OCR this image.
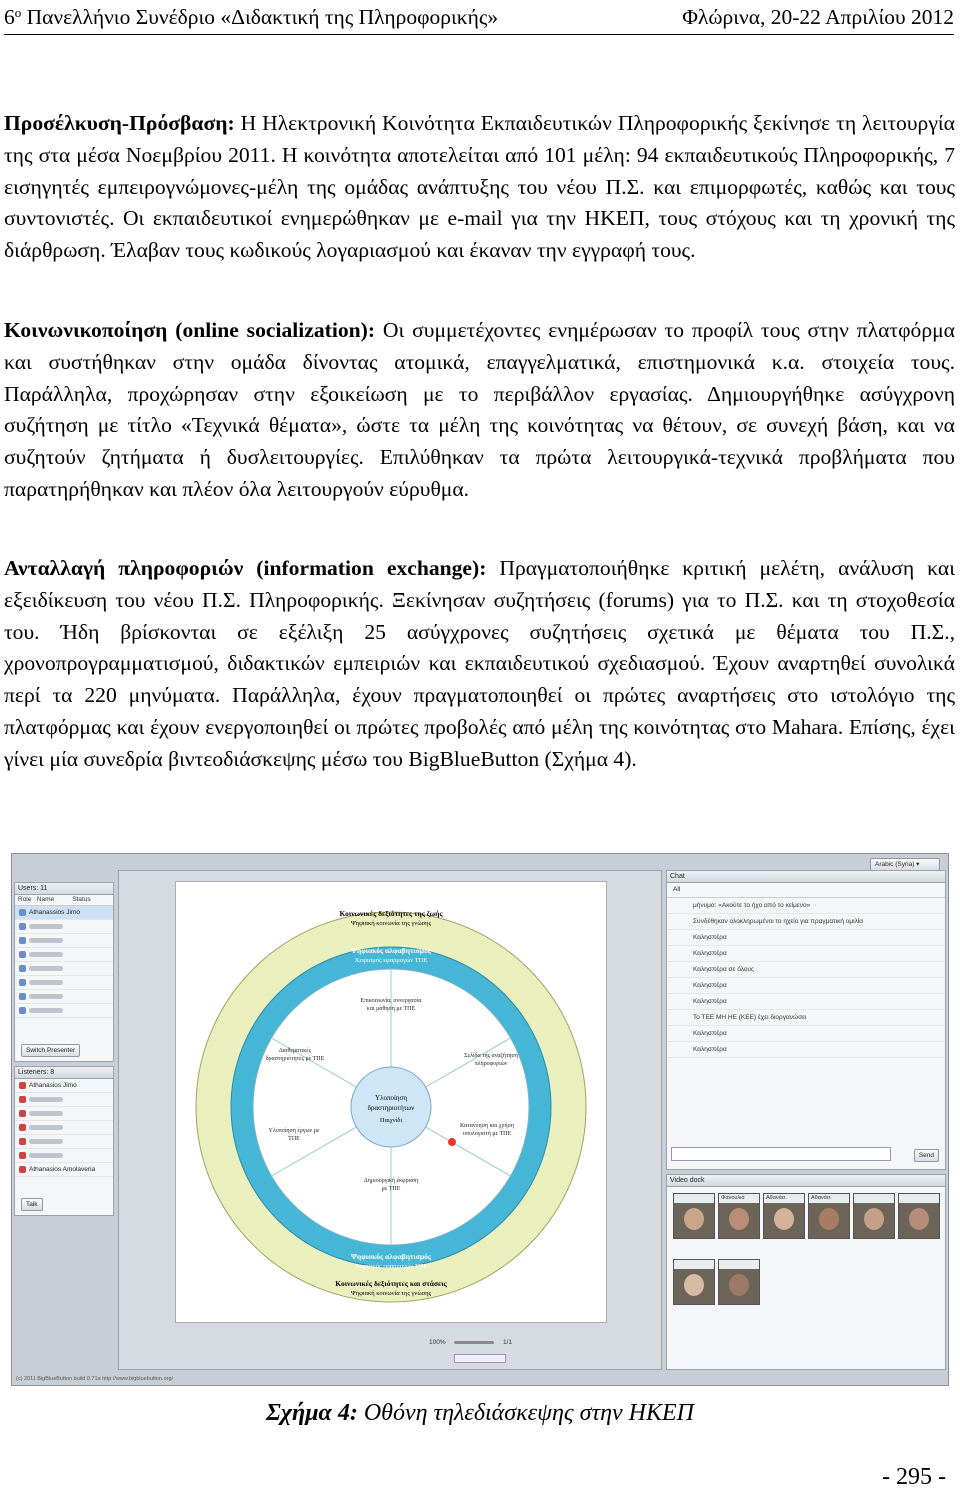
$6^o$ Πανελλήνιο Συνέδριο «Διδακτική της Πληροφορικής»	Φλώρινα, 20-22 Απριλίου 2012

Προσέλκυση-Πρόσβαση: Η Ηλεκτρονική Κοινότητα Εκπαιδευτικών Πληροφορικής ξεκίνησε τη λειτουργία της στα μέσα Νοεμβρίου 2011. Η κοινότητα αποτελείται από 101 μέλη: 94 εκπαιδευτικούς Πληροφορικής, 7 εισηγητές εμπειρογνώμονες-μέλη της ομάδας ανάπτυξης του νέου Π.Σ. και επιμορφωτές, καθώς και τους συντονιστές. Οι εκπαιδευτικοί ενημερώθηκαν με e-mail για την ΗΚΕΠ, τους στόχους και τη χρονική της διάρθρωση. Έλαβαν τους κωδικούς λογαριασμού και έκαναν την εγγραφή τους.

Κοινωνικοποίηση (online socialization): Οι συμμετέχοντες ενημέρωσαν το προφίλ τους στην πλατφόρμα και συστήθηκαν στην ομάδα δίνοντας ατομικά, επαγγελματικά, επιστημονικά κ.α. στοιχεία τους. Παράλληλα, προχώρησαν στην εξοικείωση με το περιβάλλον εργασίας. Δημιουργήθηκε ασύγχρονη συζήτηση με τίτλο «Τεχνικά θέματα», ώστε τα μέλη της κοινότητας να θέτουν, σε συνεχή βάση, και να συζητούν ζητήματα ή δυσλειτουργίες. Επιλύθηκαν τα πρώτα λειτουργικά-τεχνικά προβλήματα που παρατηρήθηκαν και πλέον όλα λειτουργούν εύρυθμα.

Ανταλλαγή πληροφοριών (information exchange): Πραγματοποιήθηκε κριτική μελέτη, ανάλυση και εξειδίκευση του νέου Π.Σ. Πληροφορικής. Ξεκίνησαν συζητήσεις (forums) για το Π.Σ. και τη στοχοθεσία του. Ήδη βρίσκονται σε εξέλιξη 25 ασύγχρονες συζητήσεις σχετικά με θέματα του Π.Σ., χρονοπρογραμματισμού, διδακτικών εμπειριών και εκπαιδευτικού σχεδιασμού. Έχουν αναρτηθεί συνολικά περί τα 220 μηνύματα. Παράλληλα, έχουν πραγματοποιηθεί οι πρώτες αναρτήσεις στο ιστολόγιο της πλατφόρμας και έχουν ενεργοποιηθεί οι πρώτες προβολές από μέλη της κοινότητας στο Mahara. Επίσης, έχει γίνει μία συνεδρία βιντεοδιάσκεψης μέσω του BigBlueButton (Σχήμα 4).

Arabic (Syria) ▾
Users: 11
Role Name	Status
Athanassios Jimo
Switch Presenter
Listeners: 8
Athanasios Jimo
Athanasios Amolaveria
Talk
Κοινωνικές δεξιότητες της ζωής
Ψηφιακή κοινωνία της γνώσης
Ψηφιακός αλφαβητισμός
Χειρισμός εφαρμογών ΤΠΕ
Ψηφιακός αλφαβητισμός
Χειρισμός εφαρμογών ΤΠΕ
Κοινωνικές δεξιότητες και στάσεις
Ψηφιακή κοινωνία της γνώσης
Υλοποίηση
δραστηριοτήτων
Παιχνίδι
Επικοινωνία, συνεργασία και μάθηση με ΤΠΕ
Σελίδα της αναζήτηση πληροφοριών
Κατανόηση και χρήση υπολογιστή με ΤΠΕ
Δημιουργική έκφραση με ΤΠΕ
Υλοποίηση έργων με ΤΠΕ
Διαθεματικές δραστηριότητες με ΤΠΕ
100%	1/1
Chat
All
μήνυμα: «Ακούτε το ήχο από το κείμενο»
Συνδέθηκαν ολοκληρωμένοι το ηχείο για πραγματική ομιλία
Καλησπέρα
Καλησπέρα
Καλησπέρα σε όλους
Καλησπέρα
Καλησπέρα
Το ΤΕΕ ΜΗ ΗΕ (ΚΕΕ) έχει διοργανώσει
Καλησπέρα
Καλησπέρα
Send
Video dock
Φανουλιά	Αθανάσ.	Αθανάσ.
(c) 2011 BigBlueButton build 0.71a http://www.bigbluebutton.org/
Σχήμα 4: Οθόνη τηλεδιάσκεψης στην ΗΚΕΠ
- 295 -
